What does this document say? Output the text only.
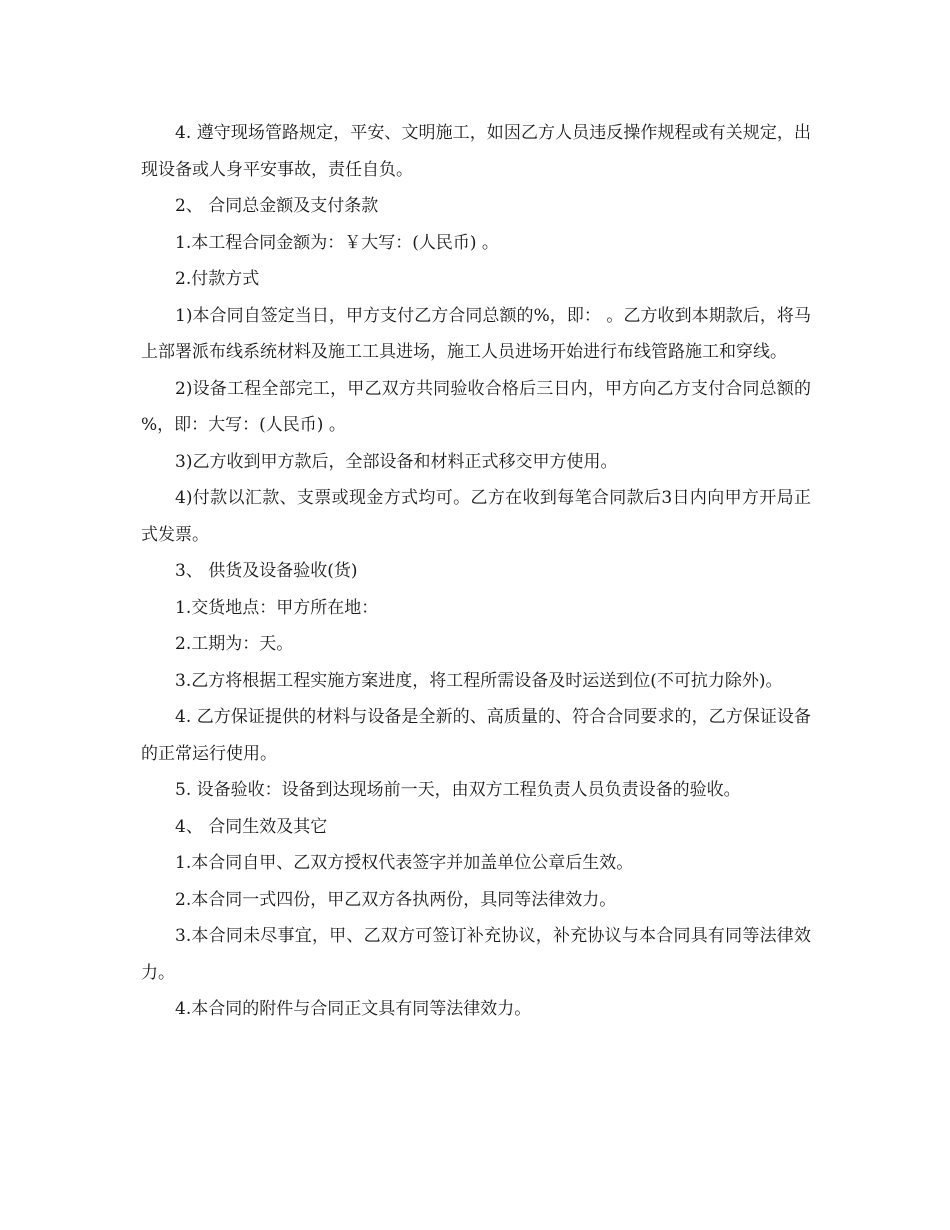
4. 遵守现场管路规定，平安、文明施工，如因乙方人员违反操作规程或有关规定，出现设备或人身平安事故，责任自负。

2、 合同总金额及支付条款

1.本工程合同金额为：￥大写：(人民币) 。

2.付款方式

1)本合同自签定当日，甲方支付乙方合同总额的%，即： 。乙方收到本期款后，将马上部署派布线系统材料及施工工具进场，施工人员进场开始进行布线管路施工和穿线。

2)设备工程全部完工，甲乙双方共同验收合格后三日内，甲方向乙方支付合同总额的 %，即：大写：(人民币) 。

3)乙方收到甲方款后，全部设备和材料正式移交甲方使用。

4)付款以汇款、支票或现金方式均可。乙方在收到每笔合同款后3日内向甲方开局正式发票。

3、 供货及设备验收(货)

1.交货地点：甲方所在地：

2.工期为：天。

3.乙方将根据工程实施方案进度，将工程所需设备及时运送到位(不可抗力除外)。

4. 乙方保证提供的材料与设备是全新的、高质量的、符合合同要求的，乙方保证设备的正常运行使用。

5. 设备验收：设备到达现场前一天，由双方工程负责人员负责设备的验收。

4、 合同生效及其它

1.本合同自甲、乙双方授权代表签字并加盖单位公章后生效。

2.本合同一式四份，甲乙双方各执两份，具同等法律效力。

3.本合同未尽事宜，甲、乙双方可签订补充协议，补充协议与本合同具有同等法律效力。

4.本合同的附件与合同正文具有同等法律效力。
